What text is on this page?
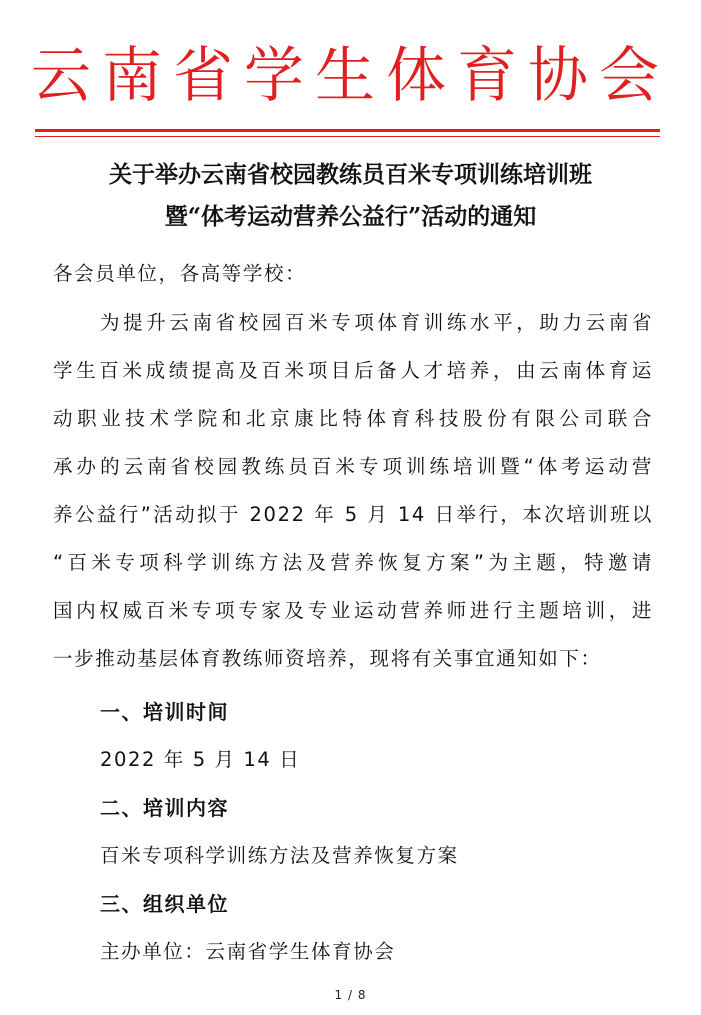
云南省学生体育协会
关于举办云南省校园教练员百米专项训练培训班
暨“体考运动营养公益行”活动的通知
各会员单位，各高等学校：
为提升云南省校园百米专项体育训练水平，助力云南省
学生百米成绩提高及百米项目后备人才培养，由云南体育运
动职业技术学院和北京康比特体育科技股份有限公司联合
承办的云南省校园教练员百米专项训练培训暨“体考运动营
养公益行”活动拟于 2022 年 5 月 14 日举行，本次培训班以
“百米专项科学训练方法及营养恢复方案”为主题，特邀请
国内权威百米专项专家及专业运动营养师进行主题培训，进
一步推动基层体育教练师资培养，现将有关事宜通知如下：
一、培训时间
2022 年 5 月 14 日
二、培训内容
百米专项科学训练方法及营养恢复方案
三、组织单位
主办单位：云南省学生体育协会
1 / 8
